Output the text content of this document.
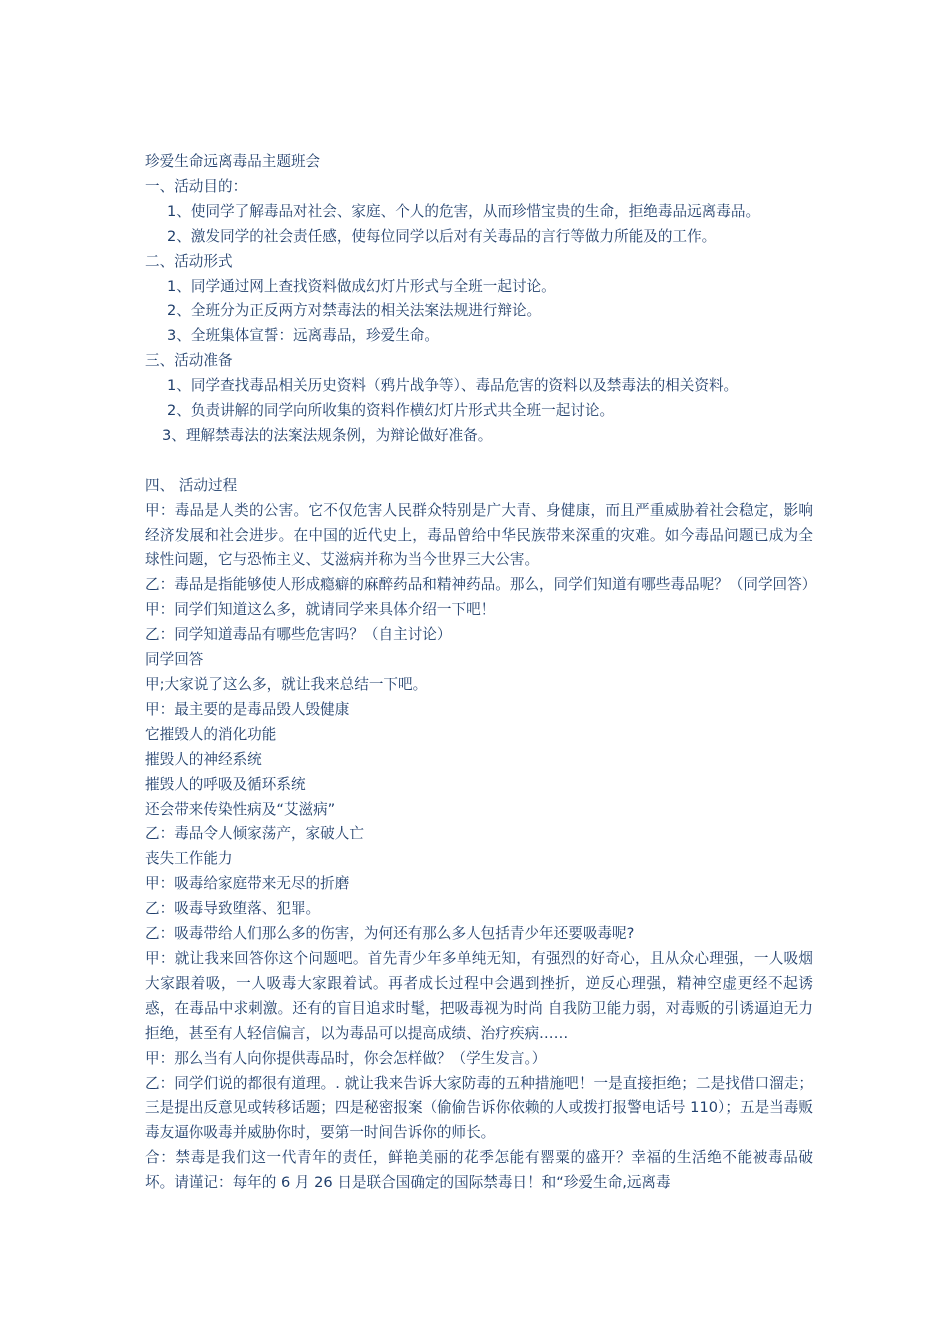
珍爱生命远离毒品主题班会

一、活动目的：

1、使同学了解毒品对社会、家庭、个人的危害，从而珍惜宝贵的生命，拒绝毒品远离毒品。

2、激发同学的社会责任感，使每位同学以后对有关毒品的言行等做力所能及的工作。

二、活动形式

1、同学通过网上查找资料做成幻灯片形式与全班一起讨论。

2、全班分为正反两方对禁毒法的相关法案法规进行辩论。

3、全班集体宣誓：远离毒品，珍爱生命。

三、活动准备

1、同学查找毒品相关历史资料（鸦片战争等）、毒品危害的资料以及禁毒法的相关资料。

2、负责讲解的同学向所收集的资料作横幻灯片形式共全班一起讨论。

3、理解禁毒法的法案法规条例，为辩论做好准备。

四、 活动过程

甲：毒品是人类的公害。它不仅危害人民群众特别是广大青、身健康，而且严重威胁着社会稳定，影响经济发展和社会进步。在中国的近代史上，毒品曾给中华民族带来深重的灾难。如今毒品问题已成为全球性问题，它与恐怖主义、艾滋病并称为当今世界三大公害。

乙：毒品是指能够使人形成瘾癖的麻醉药品和精神药品。那么，同学们知道有哪些毒品呢？（同学回答）

甲：同学们知道这么多，就请同学来具体介绍一下吧！

乙：同学知道毒品有哪些危害吗？（自主讨论）

同学回答

甲;大家说了这么多，就让我来总结一下吧。

甲：最主要的是毒品毁人毁健康

它摧毁人的消化功能

摧毁人的神经系统

摧毁人的呼吸及循环系统

还会带来传染性病及“艾滋病”

乙：毒品令人倾家荡产，家破人亡

丧失工作能力

甲：吸毒给家庭带来无尽的折磨

乙：吸毒导致堕落、犯罪。

乙：吸毒带给人们那么多的伤害，为何还有那么多人包括青少年还要吸毒呢?

甲：就让我来回答你这个问题吧。首先青少年多单纯无知，有强烈的好奇心，且从众心理强，一人吸烟大家跟着吸，一人吸毒大家跟着试。再者成长过程中会遇到挫折，逆反心理强，精神空虚更经不起诱惑，在毒品中求刺激。还有的盲目追求时髦，把吸毒视为时尚 自我防卫能力弱，对毒贩的引诱逼迫无力拒绝，甚至有人轻信偏言，以为毒品可以提高成绩、治疗疾病……

甲：那么当有人向你提供毒品时，你会怎样做？（学生发言。）

乙：同学们说的都很有道理。. 就让我来告诉大家防毒的五种措施吧！一是直接拒绝；二是找借口溜走；三是提出反意见或转移话题；四是秘密报案（偷偷告诉你依赖的人或拨打报警电话号 110）；五是当毒贩毒友逼你吸毒并威胁你时，要第一时间告诉你的师长。

合：禁毒是我们这一代青年的责任，鲜艳美丽的花季怎能有罂粟的盛开？幸福的生活绝不能被毒品破坏。请谨记：每年的 6 月 26 日是联合国确定的国际禁毒日！和“珍爱生命,远离毒
